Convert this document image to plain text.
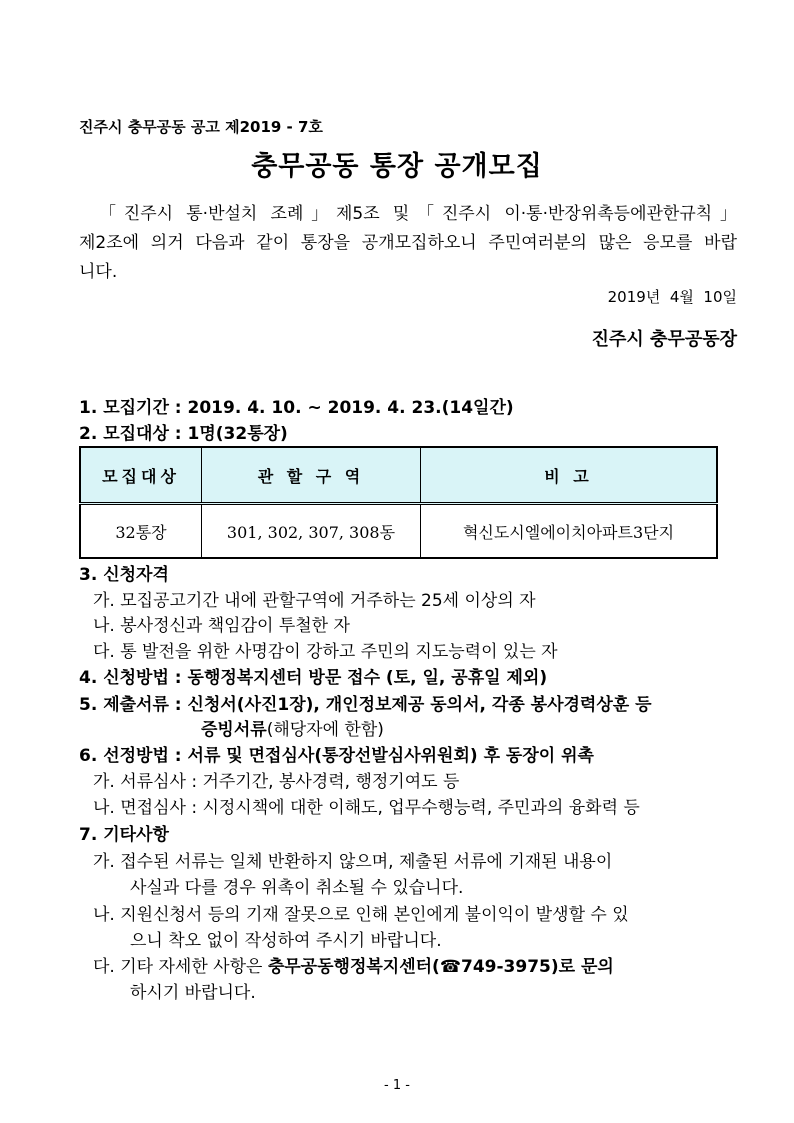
진주시 충무공동 공고 제2019 - 7호
충무공동 통장 공개모집
「진주시 통·반설치 조례」제5조 및「진주시 이·통·반장위촉등에관한규칙」
제2조에 의거 다음과 같이 통장을 공개모집하오니 주민여러분의 많은 응모를 바랍
니다.
2019년  4월  10일
진주시 충무공동장
1. 모집기간 : 2019. 4. 10. ~ 2019. 4. 23.(14일간)
2. 모집대상 : 1명(32통장)
모집대상	관 할 구 역	비 고
32통장	301, 302, 307, 308동	혁신도시엘에이치아파트3단지
3. 신청자격
가. 모집공고기간 내에 관할구역에 거주하는 25세 이상의 자
나. 봉사정신과 책임감이 투철한 자
다. 통 발전을 위한 사명감이 강하고 주민의 지도능력이 있는 자
4. 신청방법 : 동행정복지센터 방문 접수 (토, 일, 공휴일 제외)
5. 제출서류 : 신청서(사진1장), 개인정보제공 동의서, 각종 봉사경력상훈 등
증빙서류(해당자에 한함)
6. 선정방법 : 서류 및 면접심사(통장선발심사위원회) 후 동장이 위촉
가. 서류심사 : 거주기간, 봉사경력, 행정기여도 등
나. 면접심사 : 시정시책에 대한 이해도, 업무수행능력, 주민과의 융화력 등
7. 기타사항
가. 접수된 서류는 일체 반환하지 않으며, 제출된 서류에 기재된 내용이
사실과 다를 경우 위촉이 취소될 수 있습니다.
나. 지원신청서 등의 기재 잘못으로 인해 본인에게 불이익이 발생할 수 있
으니 착오 없이 작성하여 주시기 바랍니다.
다. 기타 자세한 사항은 충무공동행정복지센터(☎749-3975)로 문의
하시기 바랍니다.
- 1 -
